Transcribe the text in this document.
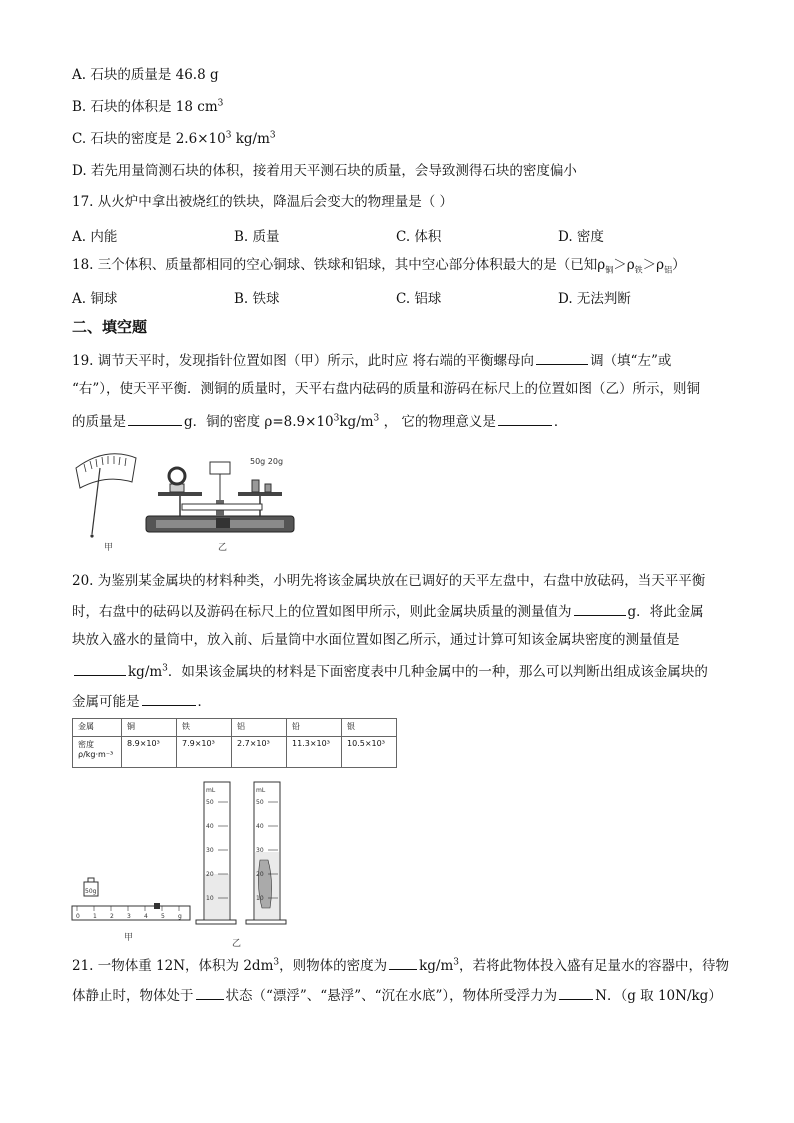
A. 石块的质量是 46.8 g
B. 石块的体积是 18 $cm^3$
C. 石块的密度是 $2.6\times 10^3$ $kg/m^3$
D. 若先用量筒测石块的体积，接着用天平测石块的质量，会导致测得石块的密度偏小
17. 从火炉中拿出被烧红的铁块，降温后会变大的物理量是（ ）
A. 内能	B. 质量	C. 体积	D. 密度
18. 三个体积、质量都相同的空心铜球、铁球和铝球，其中空心部分体积最大的是（已知$\rho_铜>\rho_铁>\rho_铝$）
A. 铜球	B. 铁球	C. 铝球	D. 无法判断
二、填空题
19. 调节天平时，发现指针位置如图（甲）所示，此时应 将右端的平衡螺母向	调（填“左”或
“右”），使天平平衡．测铜的质量时，天平右盘内砝码的质量和游码在标尺上的位置如图（乙）所示，则铜
的质量是	g．铜的密度 $\rho=8.9\times 10^3kg/m^3$ ， 它的物理意义是	．
50g 20g
甲	乙
20. 为鉴别某金属块的材料种类，小明先将该金属块放在已调好的天平左盘中，右盘中放砝码，当天平平衡
时，右盘中的砝码以及游码在标尺上的位置如图甲所示，则此金属块质量的测量值为	g．将此金属
块放入盛水的量筒中，放入前、后量筒中水面位置如图乙所示，通过计算可知该金属块密度的测量值是
$kg/m^3$．如果该金属块的材料是下面密度表中几种金属中的一种，那么可以判断出组成该金属块的
金属可能是	．
金属	铜	铁	铝	铅	银

密度
ρ/kg·m⁻³	8.9×10³	7.9×10³	2.7×10³	11.3×10³	10.5×10³
50g
0 1 2 3 4 5 g
mL
50
40
30
20
10
mL
50
40
30
20
10
甲
乙
21. 一物体重 12N，体积为 $2dm^3$，则物体的密度为 $kg/m^3$，若将此物体投入盛有足量水的容器中，待物
体静止时，物体处于 状态（“漂浮”、“悬浮”、“沉在水底”），物体所受浮力为	N．（g 取 10N/kg）
